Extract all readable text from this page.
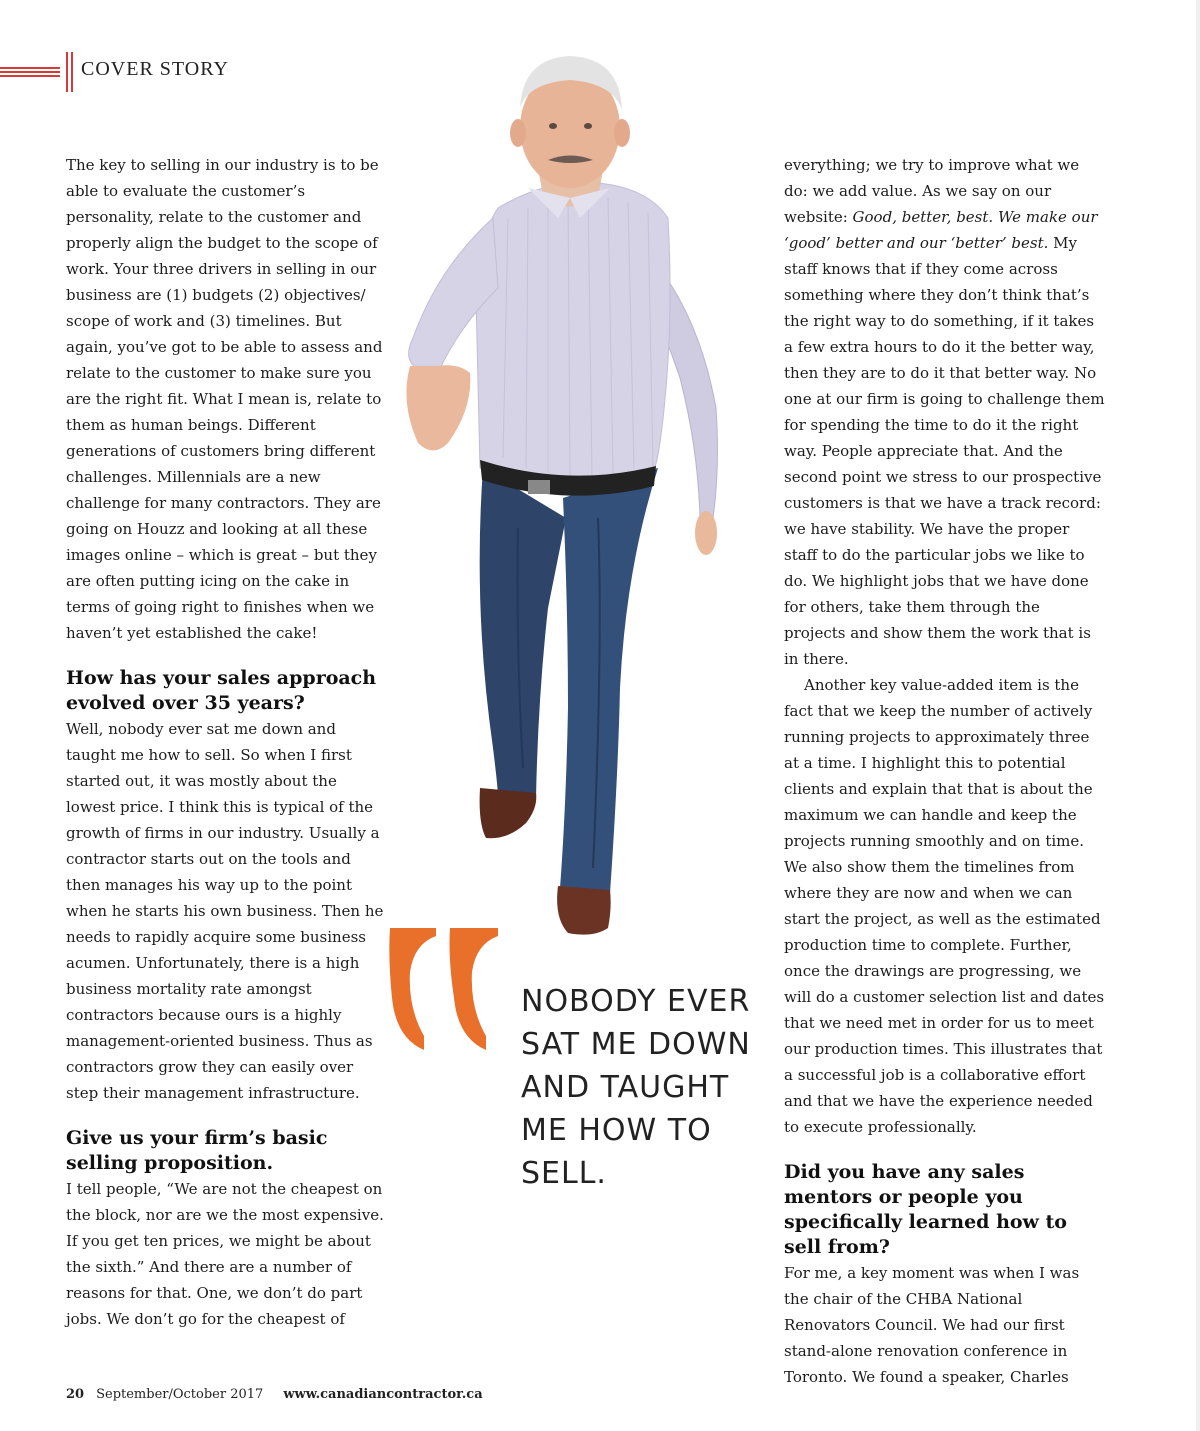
COVER STORY

The key to selling in our industry is to be able to evaluate the customer’s personality, relate to the customer and properly align the budget to the scope of work. Your three drivers in selling in our business are (1) budgets (2) objectives/ scope of work and (3) timelines. But again, you’ve got to be able to assess and relate to the customer to make sure you are the right fit. What I mean is, relate to them as human beings. Different generations of customers bring different challenges. Millennials are a new challenge for many contractors. They are going on Houzz and looking at all these images online – which is great – but they are often putting icing on the cake in terms of going right to finishes when we haven’t yet established the cake!

How has your sales approach evolved over 35 years?

Well, nobody ever sat me down and taught me how to sell. So when I first started out, it was mostly about the lowest price. I think this is typical of the growth of firms in our industry. Usually a contractor starts out on the tools and then manages his way up to the point when he starts his own business. Then he needs to rapidly acquire some business acumen. Unfortunately, there is a high business mortality rate amongst contractors because ours is a highly management-oriented business. Thus as contractors grow they can easily over step their management infrastructure.

Give us your firm’s basic selling proposition.

I tell people, “We are not the cheapest on the block, nor are we the most expensive. If you get ten prices, we might be about the sixth.” And there are a number of reasons for that. One, we don’t do part jobs. We don’t go for the cheapest of

NOBODY EVER SAT ME DOWN AND TAUGHT ME HOW TO SELL.

everything; we try to improve what we do: we add value. As we say on our website: Good, better, best. We make our ‘good’ better and our ‘better’ best. My staff knows that if they come across something where they don’t think that’s the right way to do something, if it takes a few extra hours to do it the better way, then they are to do it that better way. No one at our firm is going to challenge them for spending the time to do it the right way. People appreciate that. And the second point we stress to our prospective customers is that we have a track record: we have stability. We have the proper staff to do the particular jobs we like to do. We highlight jobs that we have done for others, take them through the projects and show them the work that is in there.

Another key value-added item is the fact that we keep the number of actively running projects to approximately three at a time. I highlight this to potential clients and explain that that is about the maximum we can handle and keep the projects running smoothly and on time. We also show them the timelines from where they are now and when we can start the project, as well as the estimated production time to complete. Further, once the drawings are progressing, we will do a customer selection list and dates that we need met in order for us to meet our production times. This illustrates that a successful job is a collaborative effort and that we have the experience needed to execute professionally.

Did you have any sales mentors or people you specifically learned how to sell from?

For me, a key moment was when I was the chair of the CHBA National Renovators Council. We had our first stand-alone renovation conference in Toronto. We found a speaker, Charles

20 September/October 2017 www.canadiancontractor.ca
